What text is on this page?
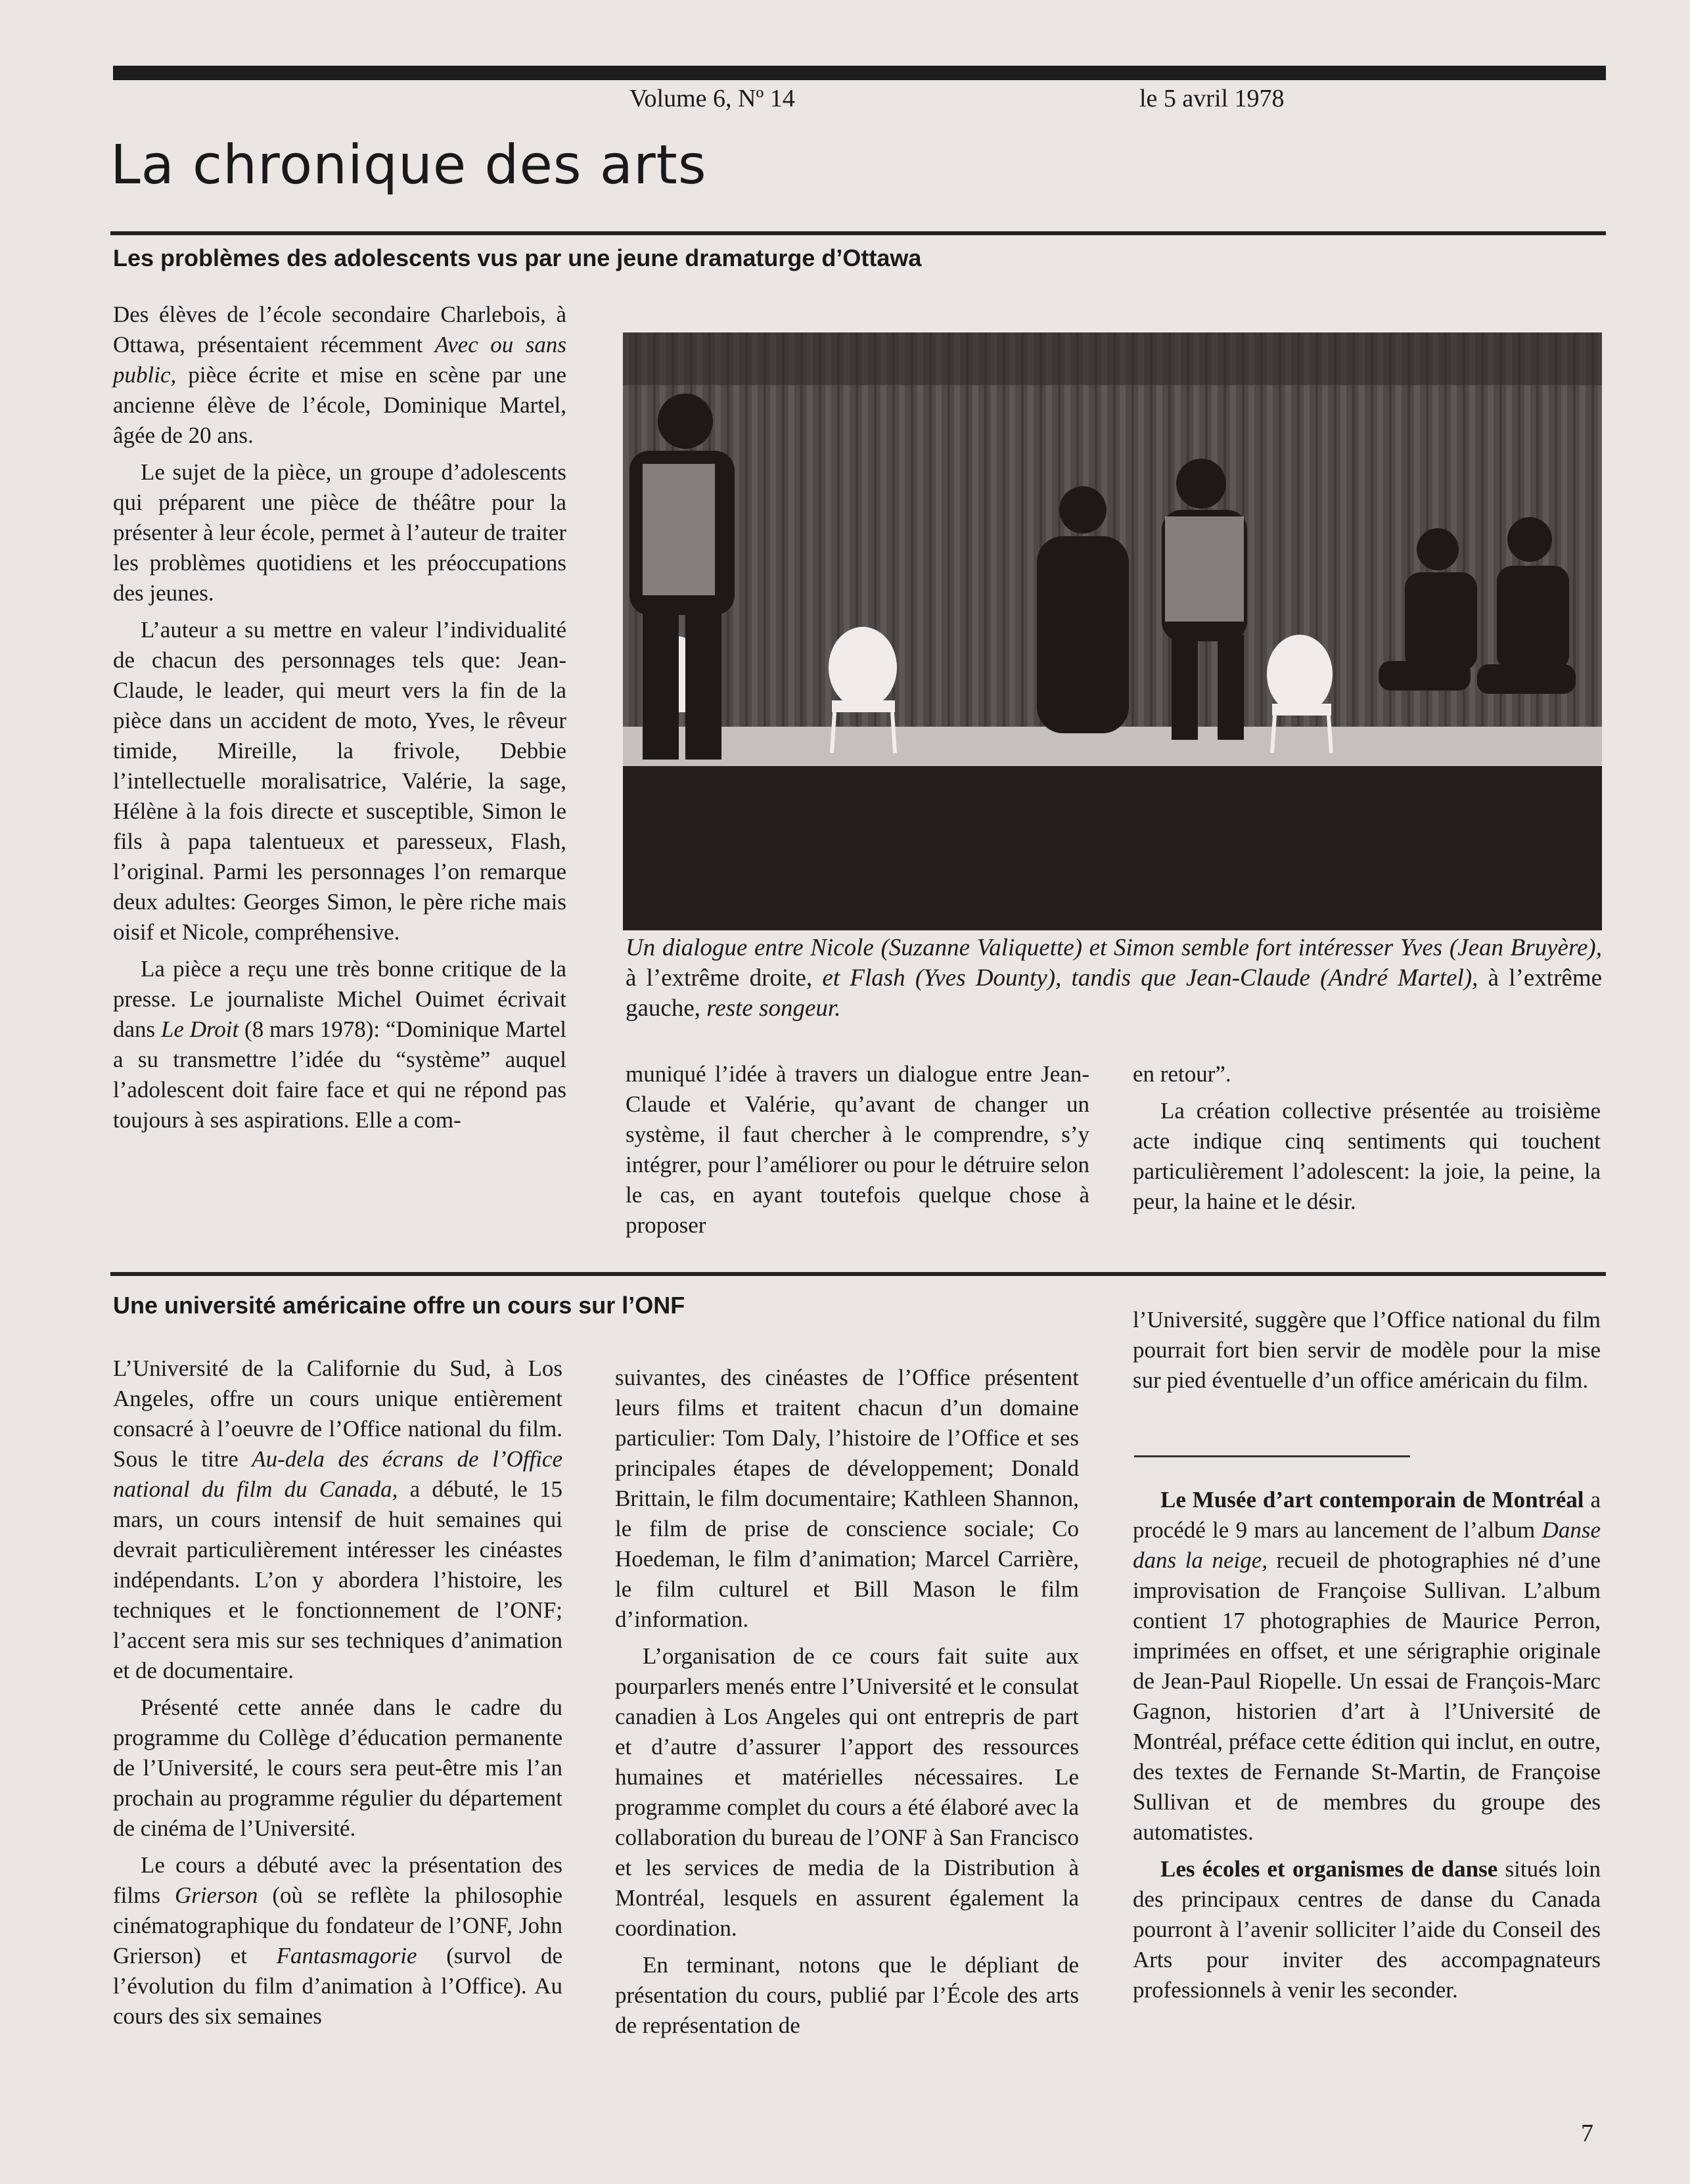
Volume 6, Nº 14	le 5 avril 1978
La chronique des arts
Les problèmes des adolescents vus par une jeune dramaturge d’Ottawa

Des élèves de l’école secondaire Charlebois, à Ottawa, présentaient récemment Avec ou sans public, pièce écrite et mise en scène par une ancienne élève de l’école, Dominique Martel, âgée de 20 ans.

Le sujet de la pièce, un groupe d’adolescents qui préparent une pièce de théâtre pour la présenter à leur école, permet à l’auteur de traiter les problèmes quotidiens et les préoccupations des jeunes.

L’auteur a su mettre en valeur l’individualité de chacun des personnages tels que: Jean-Claude, le leader, qui meurt vers la fin de la pièce dans un accident de moto, Yves, le rêveur timide, Mireille, la frivole, Debbie l’intellectuelle moralisatrice, Valérie, la sage, Hélène à la fois directe et susceptible, Simon le fils à papa talentueux et paresseux, Flash, l’original. Parmi les personnages l’on remarque deux adultes: Georges Simon, le père riche mais oisif et Nicole, compréhensive.

La pièce a reçu une très bonne critique de la presse. Le journaliste Michel Ouimet écrivait dans Le Droit (8 mars 1978): “Dominique Martel a su transmettre l’idée du “système” auquel l’adolescent doit faire face et qui ne répond pas toujours à ses aspirations. Elle a com-

Un dialogue entre Nicole (Suzanne Valiquette) et Simon semble fort intéresser Yves (Jean Bruyère), à l’extrême droite, et Flash (Yves Dounty), tandis que Jean-Claude (André Martel), à l’extrême gauche, reste songeur.

muniqué l’idée à travers un dialogue entre Jean-Claude et Valérie, qu’avant de changer un système, il faut chercher à le comprendre, s’y intégrer, pour l’améliorer ou pour le détruire selon le cas, en ayant toutefois quelque chose à proposer

en retour”.

La création collective présentée au troisième acte indique cinq sentiments qui touchent particulièrement l’adolescent: la joie, la peine, la peur, la haine et le désir.

Une université américaine offre un cours sur l’ONF

L’Université de la Californie du Sud, à Los Angeles, offre un cours unique entièrement consacré à l’oeuvre de l’Office national du film. Sous le titre Au-dela des écrans de l’Office national du film du Canada, a débuté, le 15 mars, un cours intensif de huit semaines qui devrait particulièrement intéresser les cinéastes indépendants. L’on y abordera l’histoire, les techniques et le fonctionnement de l’ONF; l’accent sera mis sur ses techniques d’animation et de documentaire.

Présenté cette année dans le cadre du programme du Collège d’éducation permanente de l’Université, le cours sera peut-être mis l’an prochain au programme régulier du département de cinéma de l’Université.

Le cours a débuté avec la présentation des films Grierson (où se reflète la philosophie cinématographique du fondateur de l’ONF, John Grierson) et Fantasmagorie (survol de l’évolution du film d’animation à l’Office). Au cours des six semaines

suivantes, des cinéastes de l’Office présentent leurs films et traitent chacun d’un domaine particulier: Tom Daly, l’histoire de l’Office et ses principales étapes de développement; Donald Brittain, le film documentaire; Kathleen Shannon, le film de prise de conscience sociale; Co Hoedeman, le film d’animation; Marcel Carrière, le film culturel et Bill Mason le film d’information.

L’organisation de ce cours fait suite aux pourparlers menés entre l’Université et le consulat canadien à Los Angeles qui ont entrepris de part et d’autre d’assurer l’apport des ressources humaines et matérielles nécessaires. Le programme complet du cours a été élaboré avec la collaboration du bureau de l’ONF à San Francisco et les services de media de la Distribution à Montréal, lesquels en assurent également la coordination.

En terminant, notons que le dépliant de présentation du cours, publié par l’École des arts de représentation de

l’Université, suggère que l’Office national du film pourrait fort bien servir de modèle pour la mise sur pied éventuelle d’un office américain du film.

Le Musée d’art contemporain de Montréal a procédé le 9 mars au lancement de l’album Danse dans la neige, recueil de photographies né d’une improvisation de Françoise Sullivan. L’album contient 17 photographies de Maurice Perron, imprimées en offset, et une sérigraphie originale de Jean-Paul Riopelle. Un essai de François-Marc Gagnon, historien d’art à l’Université de Montréal, préface cette édition qui inclut, en outre, des textes de Fernande St-Martin, de Françoise Sullivan et de membres du groupe des automatistes.

Les écoles et organismes de danse situés loin des principaux centres de danse du Canada pourront à l’avenir solliciter l’aide du Conseil des Arts pour inviter des accompagnateurs professionnels à venir les seconder.

7
